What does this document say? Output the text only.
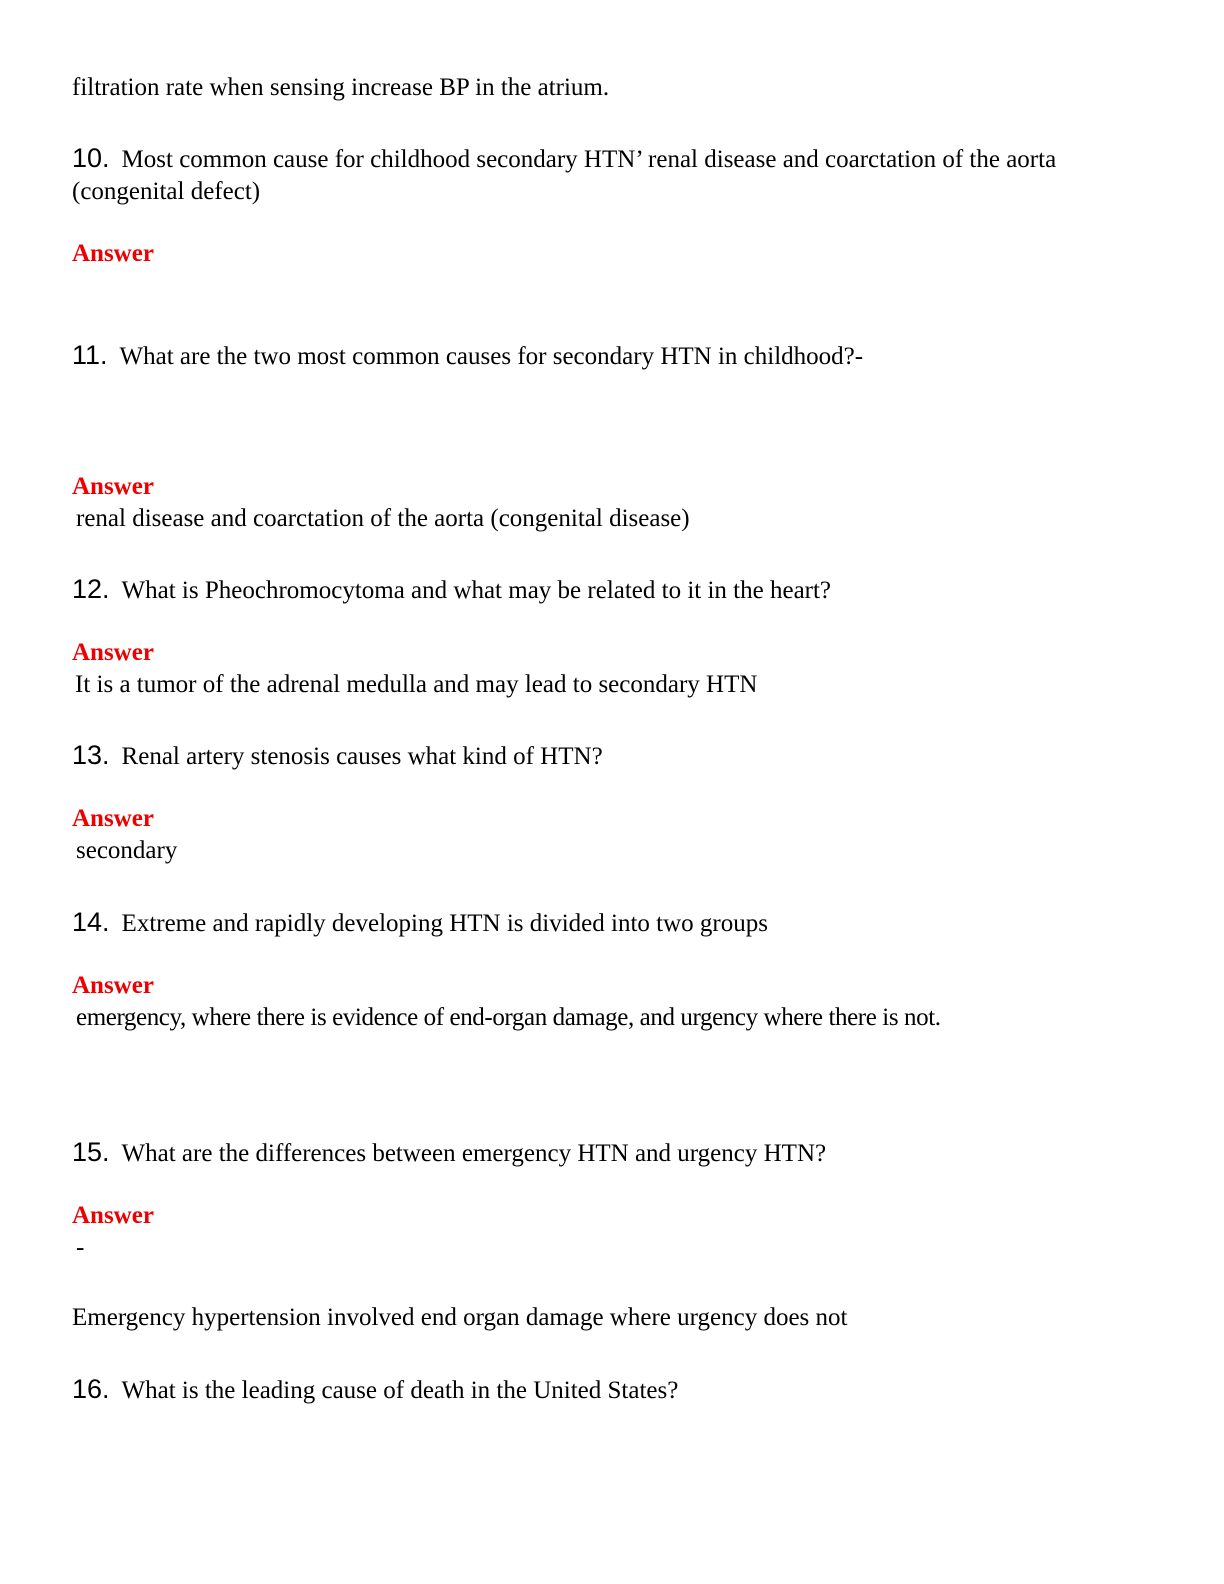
filtration rate when sensing increase BP in the atrium.
10. Most common cause for childhood secondary HTN’ renal disease and coarctation of the aorta (congenital defect)
Answer
11. What are the two most common causes for secondary HTN in childhood?-
Answer
renal disease and coarctation of the aorta (congenital disease)
12. What is Pheochromocytoma and what may be related to it in the heart?
Answer
It is a tumor of the adrenal medulla and may lead to secondary HTN
13. Renal artery stenosis causes what kind of HTN?
Answer
secondary
14. Extreme and rapidly developing HTN is divided into two groups
Answer
emergency, where there is evidence of end-organ damage, and urgency where there is not.
15. What are the differences between emergency HTN and urgency HTN?
Answer
-
Emergency hypertension involved end organ damage where urgency does not
16. What is the leading cause of death in the United States?
